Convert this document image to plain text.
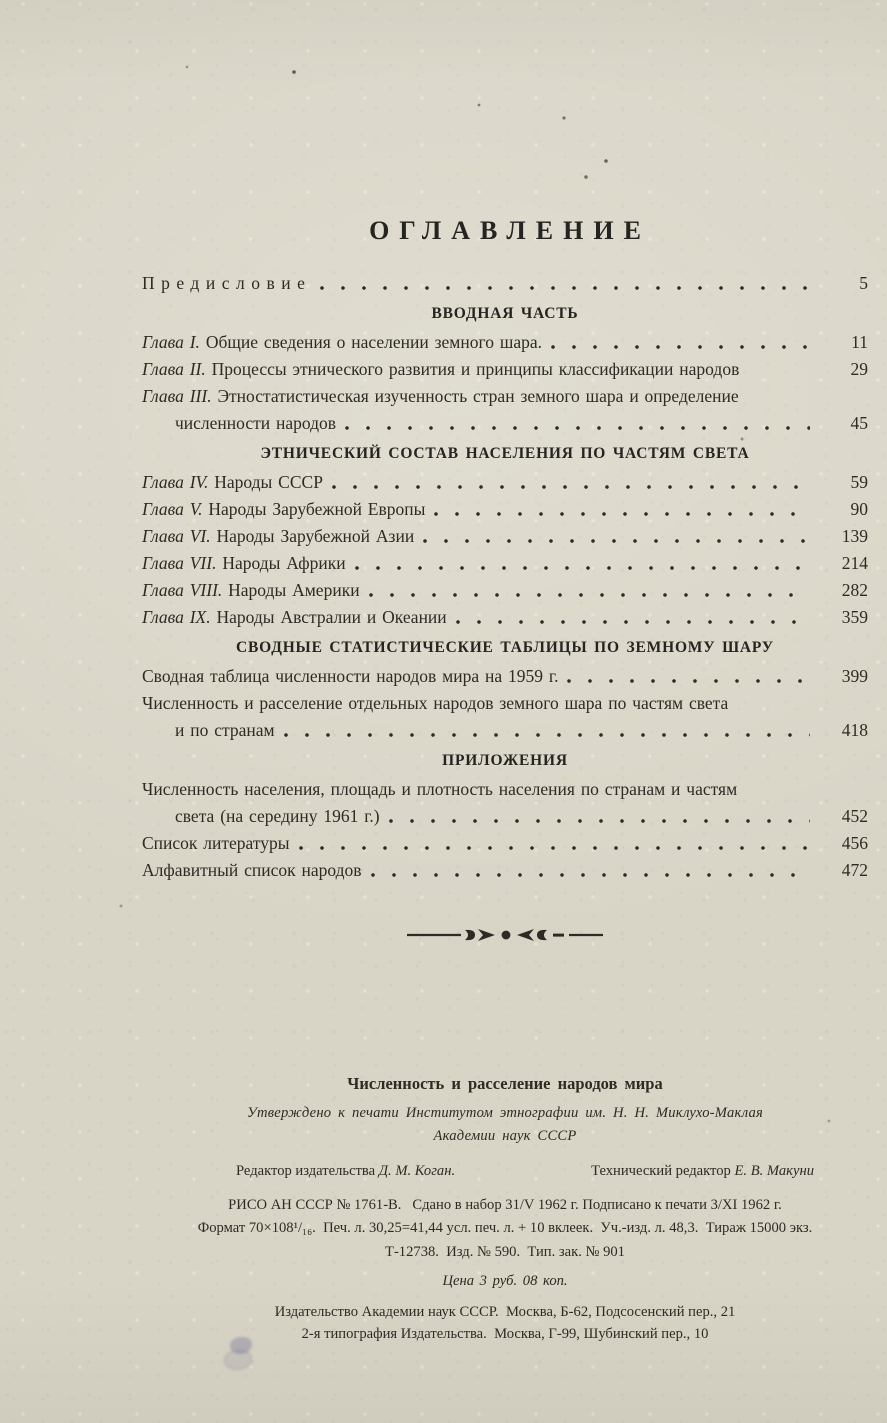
ОГЛАВЛЕНИЕ
Предисловие	5
ВВОДНАЯ ЧАСТЬ
Глава I. Общие сведения о населении земного шара.	11
Глава II. Процессы этнического развития и принципы классификации народов	29
Глава III. Этностатистическая изученность стран земного шара и определение
численности народов	45
ЭТНИЧЕСКИЙ СОСТАВ НАСЕЛЕНИЯ ПО ЧАСТЯМ СВЕТА
Глава IV. Народы СССР	59
Глава V. Народы Зарубежной Европы	90
Глава VI. Народы Зарубежной Азии	139
Глава VII. Народы Африки	214
Глава VIII. Народы Америки	282
Глава IX. Народы Австралии и Океании	359
СВОДНЫЕ СТАТИСТИЧЕСКИЕ ТАБЛИЦЫ ПО ЗЕМНОМУ ШАРУ
Сводная таблица численности народов мира на 1959 г.	399
Численность и расселение отдельных народов земного шара по частям света
и по странам	418
ПРИЛОЖЕНИЯ
Численность населения, площадь и плотность населения по странам и частям
света (на середину 1961 г.)	452
Список литературы	456
Алфавитный список народов	472
Численность и расселение народов мира
Утверждено к печати Институтом этнографии им. Н. Н. Миклухо-Маклая
Академии наук СССР
Редактор издательства Д. М. Коган.	Технический редактор Е. В. Макуни
РИСО АН СССР № 1761-В.   Сдано в набор 31/V 1962 г. Подписано к печати 3/XI 1962 г.
Формат 70×108¹/₁₆.  Печ. л. 30,25=41,44 усл. печ. л. + 10 вклеек.  Уч.-изд. л. 48,3.  Тираж 15000 экз.
Т-12738.  Изд. № 590.  Тип. зак. № 901
Цена 3 руб. 08 коп.
Издательство Академии наук СССР.  Москва, Б-62, Подсосенский пер., 21
2-я типография Издательства.  Москва, Г-99, Шубинский пер., 10
